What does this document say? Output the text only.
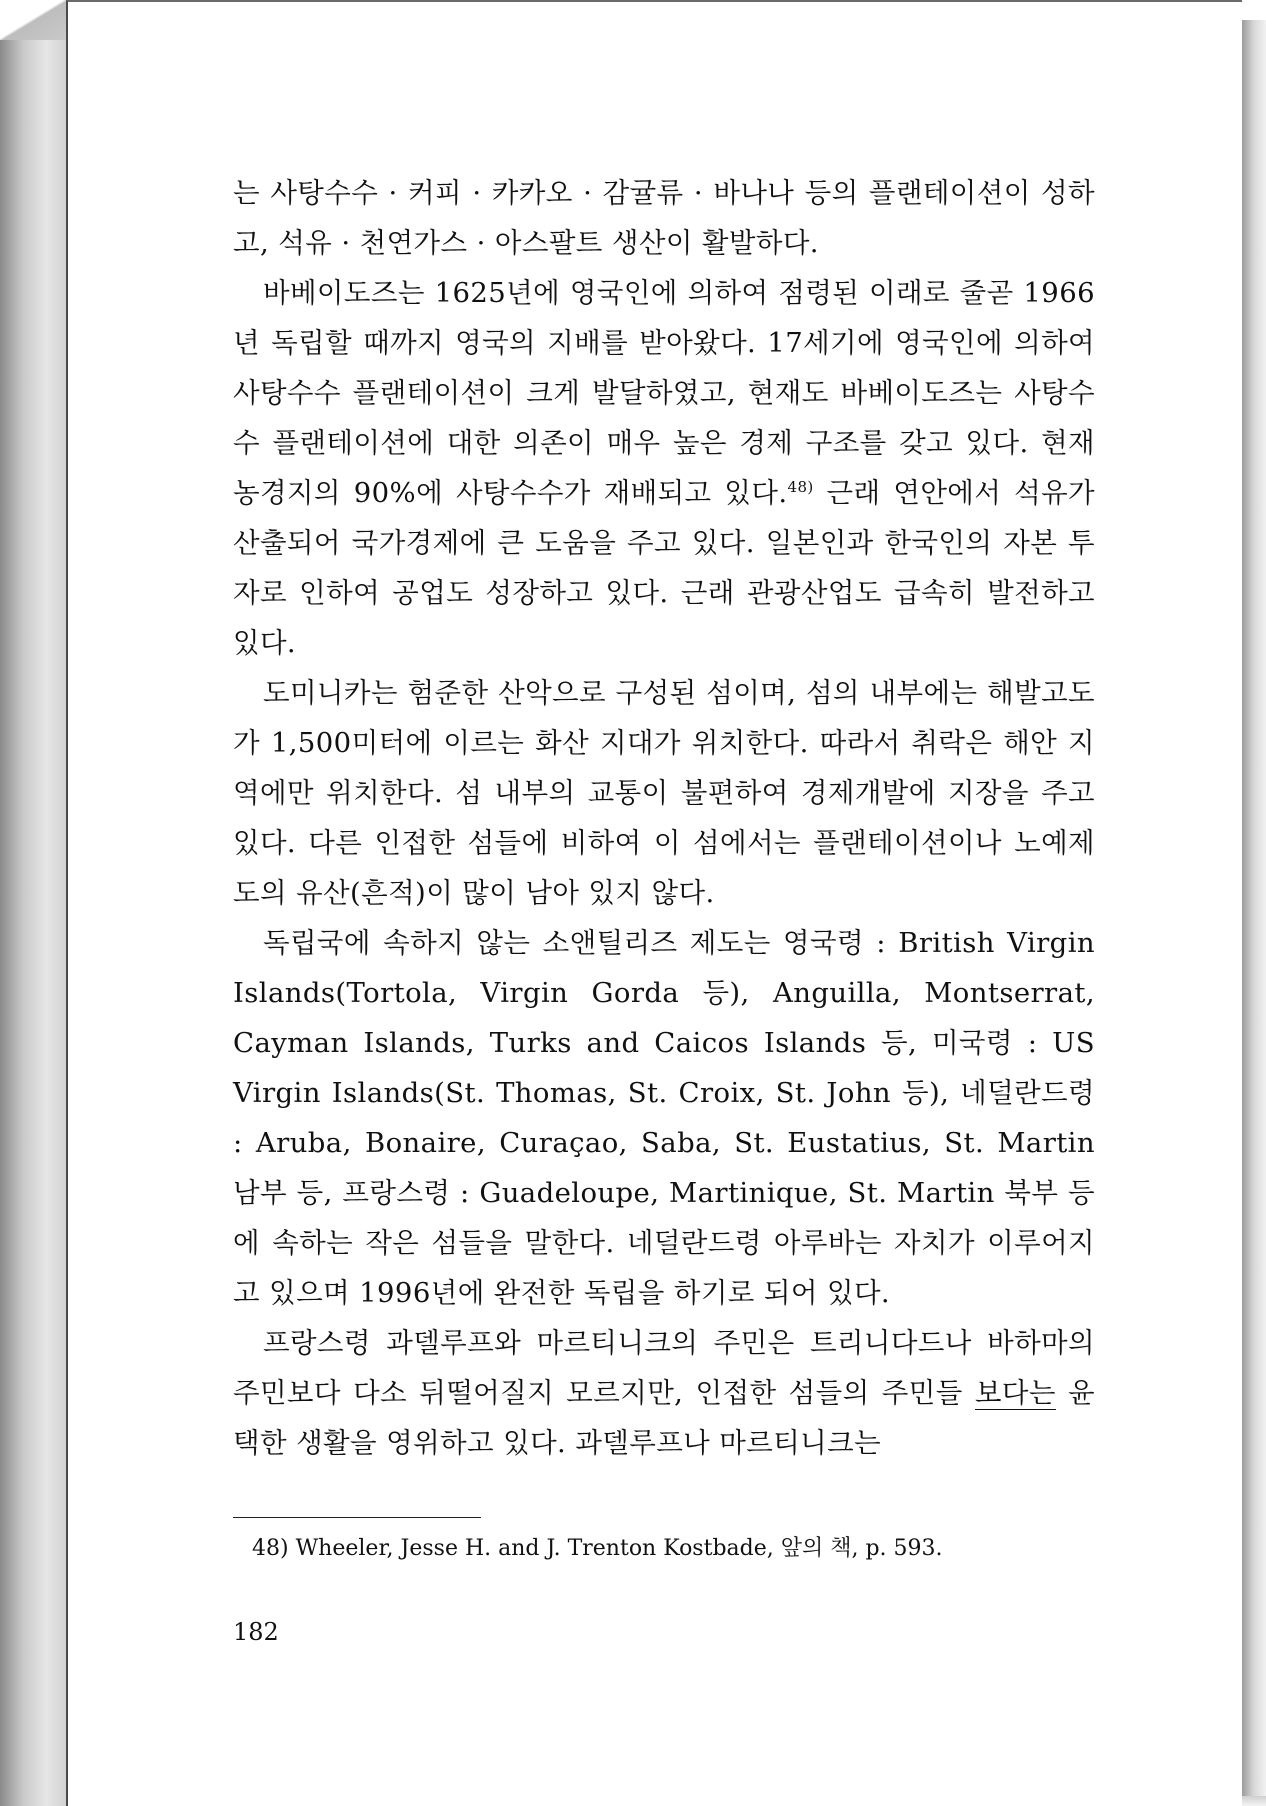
는 사탕수수 · 커피 · 카카오 · 감귤류 · 바나나 등의 플랜테이션이 성하고, 석유 · 천연가스 · 아스팔트 생산이 활발하다.

바베이도즈는 1625년에 영국인에 의하여 점령된 이래로 줄곧 1966년 독립할 때까지 영국의 지배를 받아왔다. 17세기에 영국인에 의하여 사탕수수 플랜테이션이 크게 발달하였고, 현재도 바베이도즈는 사탕수수 플랜테이션에 대한 의존이 매우 높은 경제 구조를 갖고 있다. 현재 농경지의 90%에 사탕수수가 재배되고 있다.$^{48)}$ 근래 연안에서 석유가 산출되어 국가경제에 큰 도움을 주고 있다. 일본인과 한국인의 자본 투자로 인하여 공업도 성장하고 있다. 근래 관광산업도 급속히 발전하고 있다.

도미니카는 험준한 산악으로 구성된 섬이며, 섬의 내부에는 해발고도가 1,500미터에 이르는 화산 지대가 위치한다. 따라서 취락은 해안 지역에만 위치한다. 섬 내부의 교통이 불편하여 경제개발에 지장을 주고 있다. 다른 인접한 섬들에 비하여 이 섬에서는 플랜테이션이나 노예제도의 유산(흔적)이 많이 남아 있지 않다.

독립국에 속하지 않는 소앤틸리즈 제도는 영국령 : British Virgin Islands(Tortola, Virgin Gorda 등), Anguilla, Montserrat, Cayman Islands, Turks and Caicos Islands 등, 미국령 : US Virgin Islands(St. Thomas, St. Croix, St. John 등), 네덜란드령 : Aruba, Bonaire, Curaçao, Saba, St. Eustatius, St. Martin 남부 등, 프랑스령 : Guadeloupe, Martinique, St. Martin 북부 등에 속하는 작은 섬들을 말한다. 네덜란드령 아루바는 자치가 이루어지고 있으며 1996년에 완전한 독립을 하기로 되어 있다.

프랑스령 과델루프와 마르티니크의 주민은 트리니다드나 바하마의 주민보다 다소 뒤떨어질지 모르지만, 인접한 섬들의 주민들 보다는 윤택한 생활을 영위하고 있다. 과델루프나 마르티니크는

48) Wheeler, Jesse H. and J. Trenton Kostbade, 앞의 책, p. 593.
182
